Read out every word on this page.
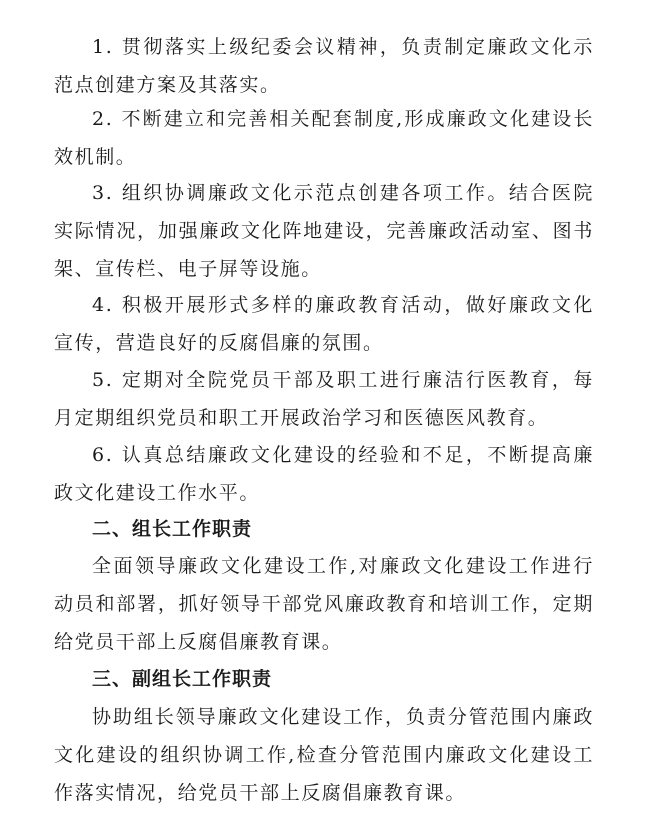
1. 贯彻落实上级纪委会议精神，负责制定廉政文化示范点创建方案及其落实。

2. 不断建立和完善相关配套制度,形成廉政文化建设长效机制。

3. 组织协调廉政文化示范点创建各项工作。结合医院实际情况，加强廉政文化阵地建设，完善廉政活动室、图书架、宣传栏、电子屏等设施。

4. 积极开展形式多样的廉政教育活动，做好廉政文化宣传，营造良好的反腐倡廉的氛围。

5. 定期对全院党员干部及职工进行廉洁行医教育，每月定期组织党员和职工开展政治学习和医德医风教育。

6. 认真总结廉政文化建设的经验和不足，不断提高廉政文化建设工作水平。

二、组长工作职责

全面领导廉政文化建设工作,对廉政文化建设工作进行动员和部署，抓好领导干部党风廉政教育和培训工作，定期给党员干部上反腐倡廉教育课。

三、副组长工作职责

协助组长领导廉政文化建设工作，负责分管范围内廉政文化建设的组织协调工作,检查分管范围内廉政文化建设工作落实情况，给党员干部上反腐倡廉教育课。
